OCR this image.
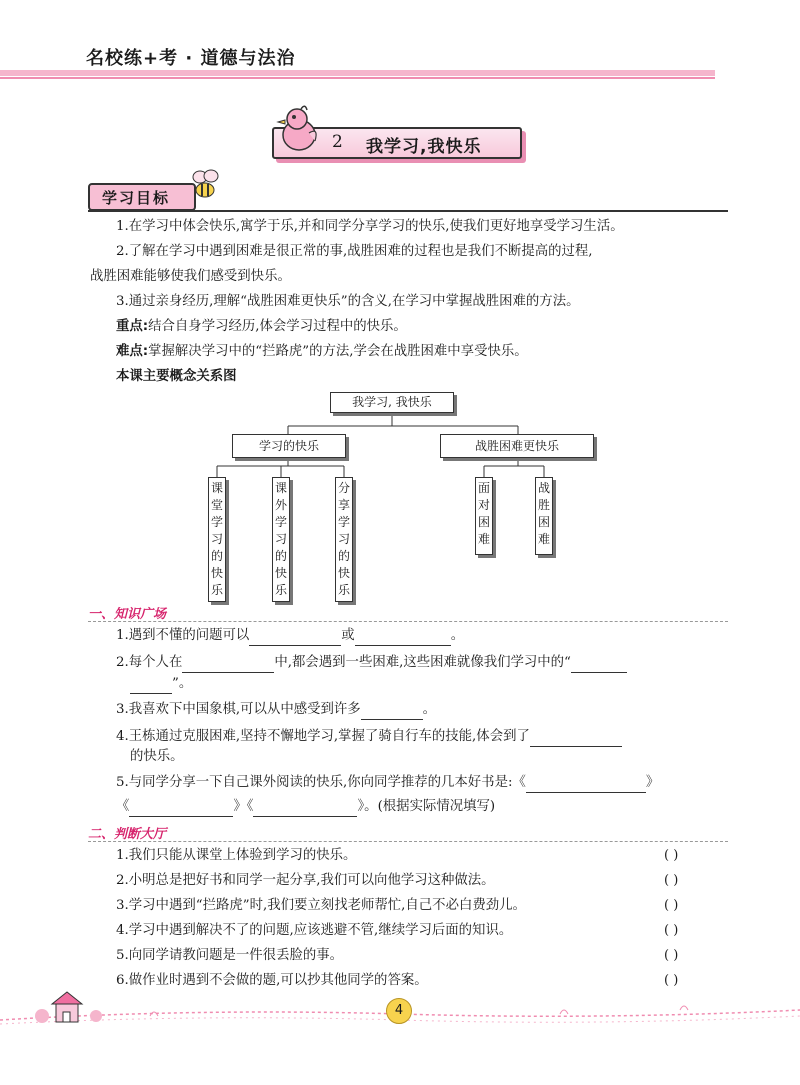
名校练+考 · 道德与法治
2 我学习,我快乐
学习目标
1.在学习中体会快乐,寓学于乐,并和同学分享学习的快乐,使我们更好地享受学习生活。
2.了解在学习中遇到困难是很正常的事,战胜困难的过程也是我们不断提高的过程,
战胜困难能够使我们感受到快乐。
3.通过亲身经历,理解“战胜困难更快乐”的含义,在学习中掌握战胜困难的方法。
重点:结合自身学习经历,体会学习过程中的快乐。
难点:掌握解决学习中的“拦路虎”的方法,学会在战胜困难中享受快乐。
本课主要概念关系图
我学习, 我快乐
学习的快乐	战胜困难更快乐
课堂学习的快乐
课外学习的快乐
分享学习的快乐
面对困难
战胜困难
一、知识广场
1.遇到不懂的问题可以	或	。
2.每个人在	中,都会遇到一些困难,这些困难就像我们学习中的“
”。
3.我喜欢下中国象棋,可以从中感受到许多	。
4.王栋通过克服困难,坚持不懈地学习,掌握了骑自行车的技能,体会到了
的快乐。
5.与同学分享一下自己课外阅读的快乐,你向同学推荐的几本好书是:《	》
《	》《	》。(根据实际情况填写)
二、判断大厅
1.我们只能从课堂上体验到学习的快乐。	( )
2.小明总是把好书和同学一起分享,我们可以向他学习这种做法。	( )
3.学习中遇到“拦路虎”时,我们要立刻找老师帮忙,自己不必白费劲儿。	( )
4.学习中遇到解决不了的问题,应该逃避不管,继续学习后面的知识。	( )
5.向同学请教问题是一件很丢脸的事。	( )
6.做作业时遇到不会做的题,可以抄其他同学的答案。	( )
4
